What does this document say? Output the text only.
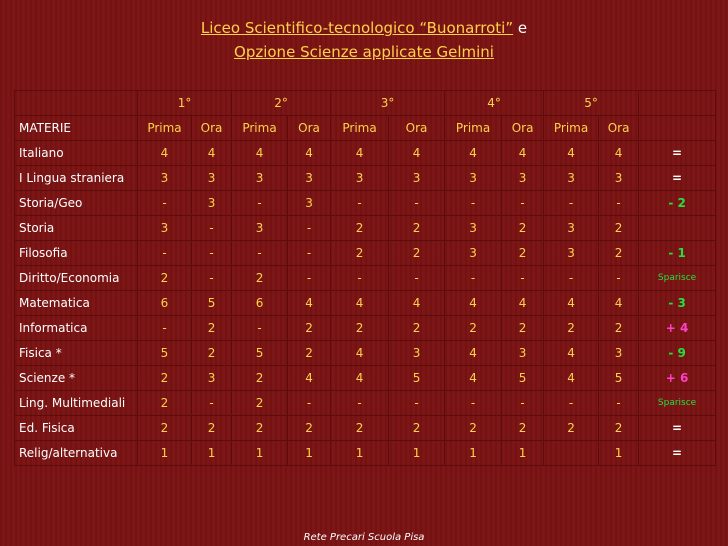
Liceo Scientifico-tecnologico “Buonarroti” e
Opzione Scienze applicate Gelmini
	1°		2°		3°		4°		5°		
MATERIE	Prima	Ora	Prima	Ora	Prima	Ora	Prima	Ora	Prima	Ora	
Italiano	4	4	4	4	4	4	4	4	4	4	=
I Lingua straniera	3	3	3	3	3	3	3	3	3	3	=
Storia/Geo	-	3	-	3	-	-	-	-	-	-	- 2
Storia	3	-	3	-	2	2	3	2	3	2	
Filosofia	-	-	-	-	2	2	3	2	3	2	- 1
Diritto/Economia	2	-	2	-	-	-	-	-	-	-	Sparisce
Matematica	6	5	6	4	4	4	4	4	4	4	- 3
Informatica	-	2	-	2	2	2	2	2	2	2	+ 4
Fisica *	5	2	5	2	4	3	4	3	4	3	- 9
Scienze *	2	3	2	4	4	5	4	5	4	5	+ 6
Ling. Multimediali	2	-	2	-	-	-	-	-	-	-	Sparisce
Ed. Fisica	2	2	2	2	2	2	2	2	2	2	=
Relig/alternativa	1	1	1	1	1	1	1	1		1	=
Rete Precari Scuola Pisa
